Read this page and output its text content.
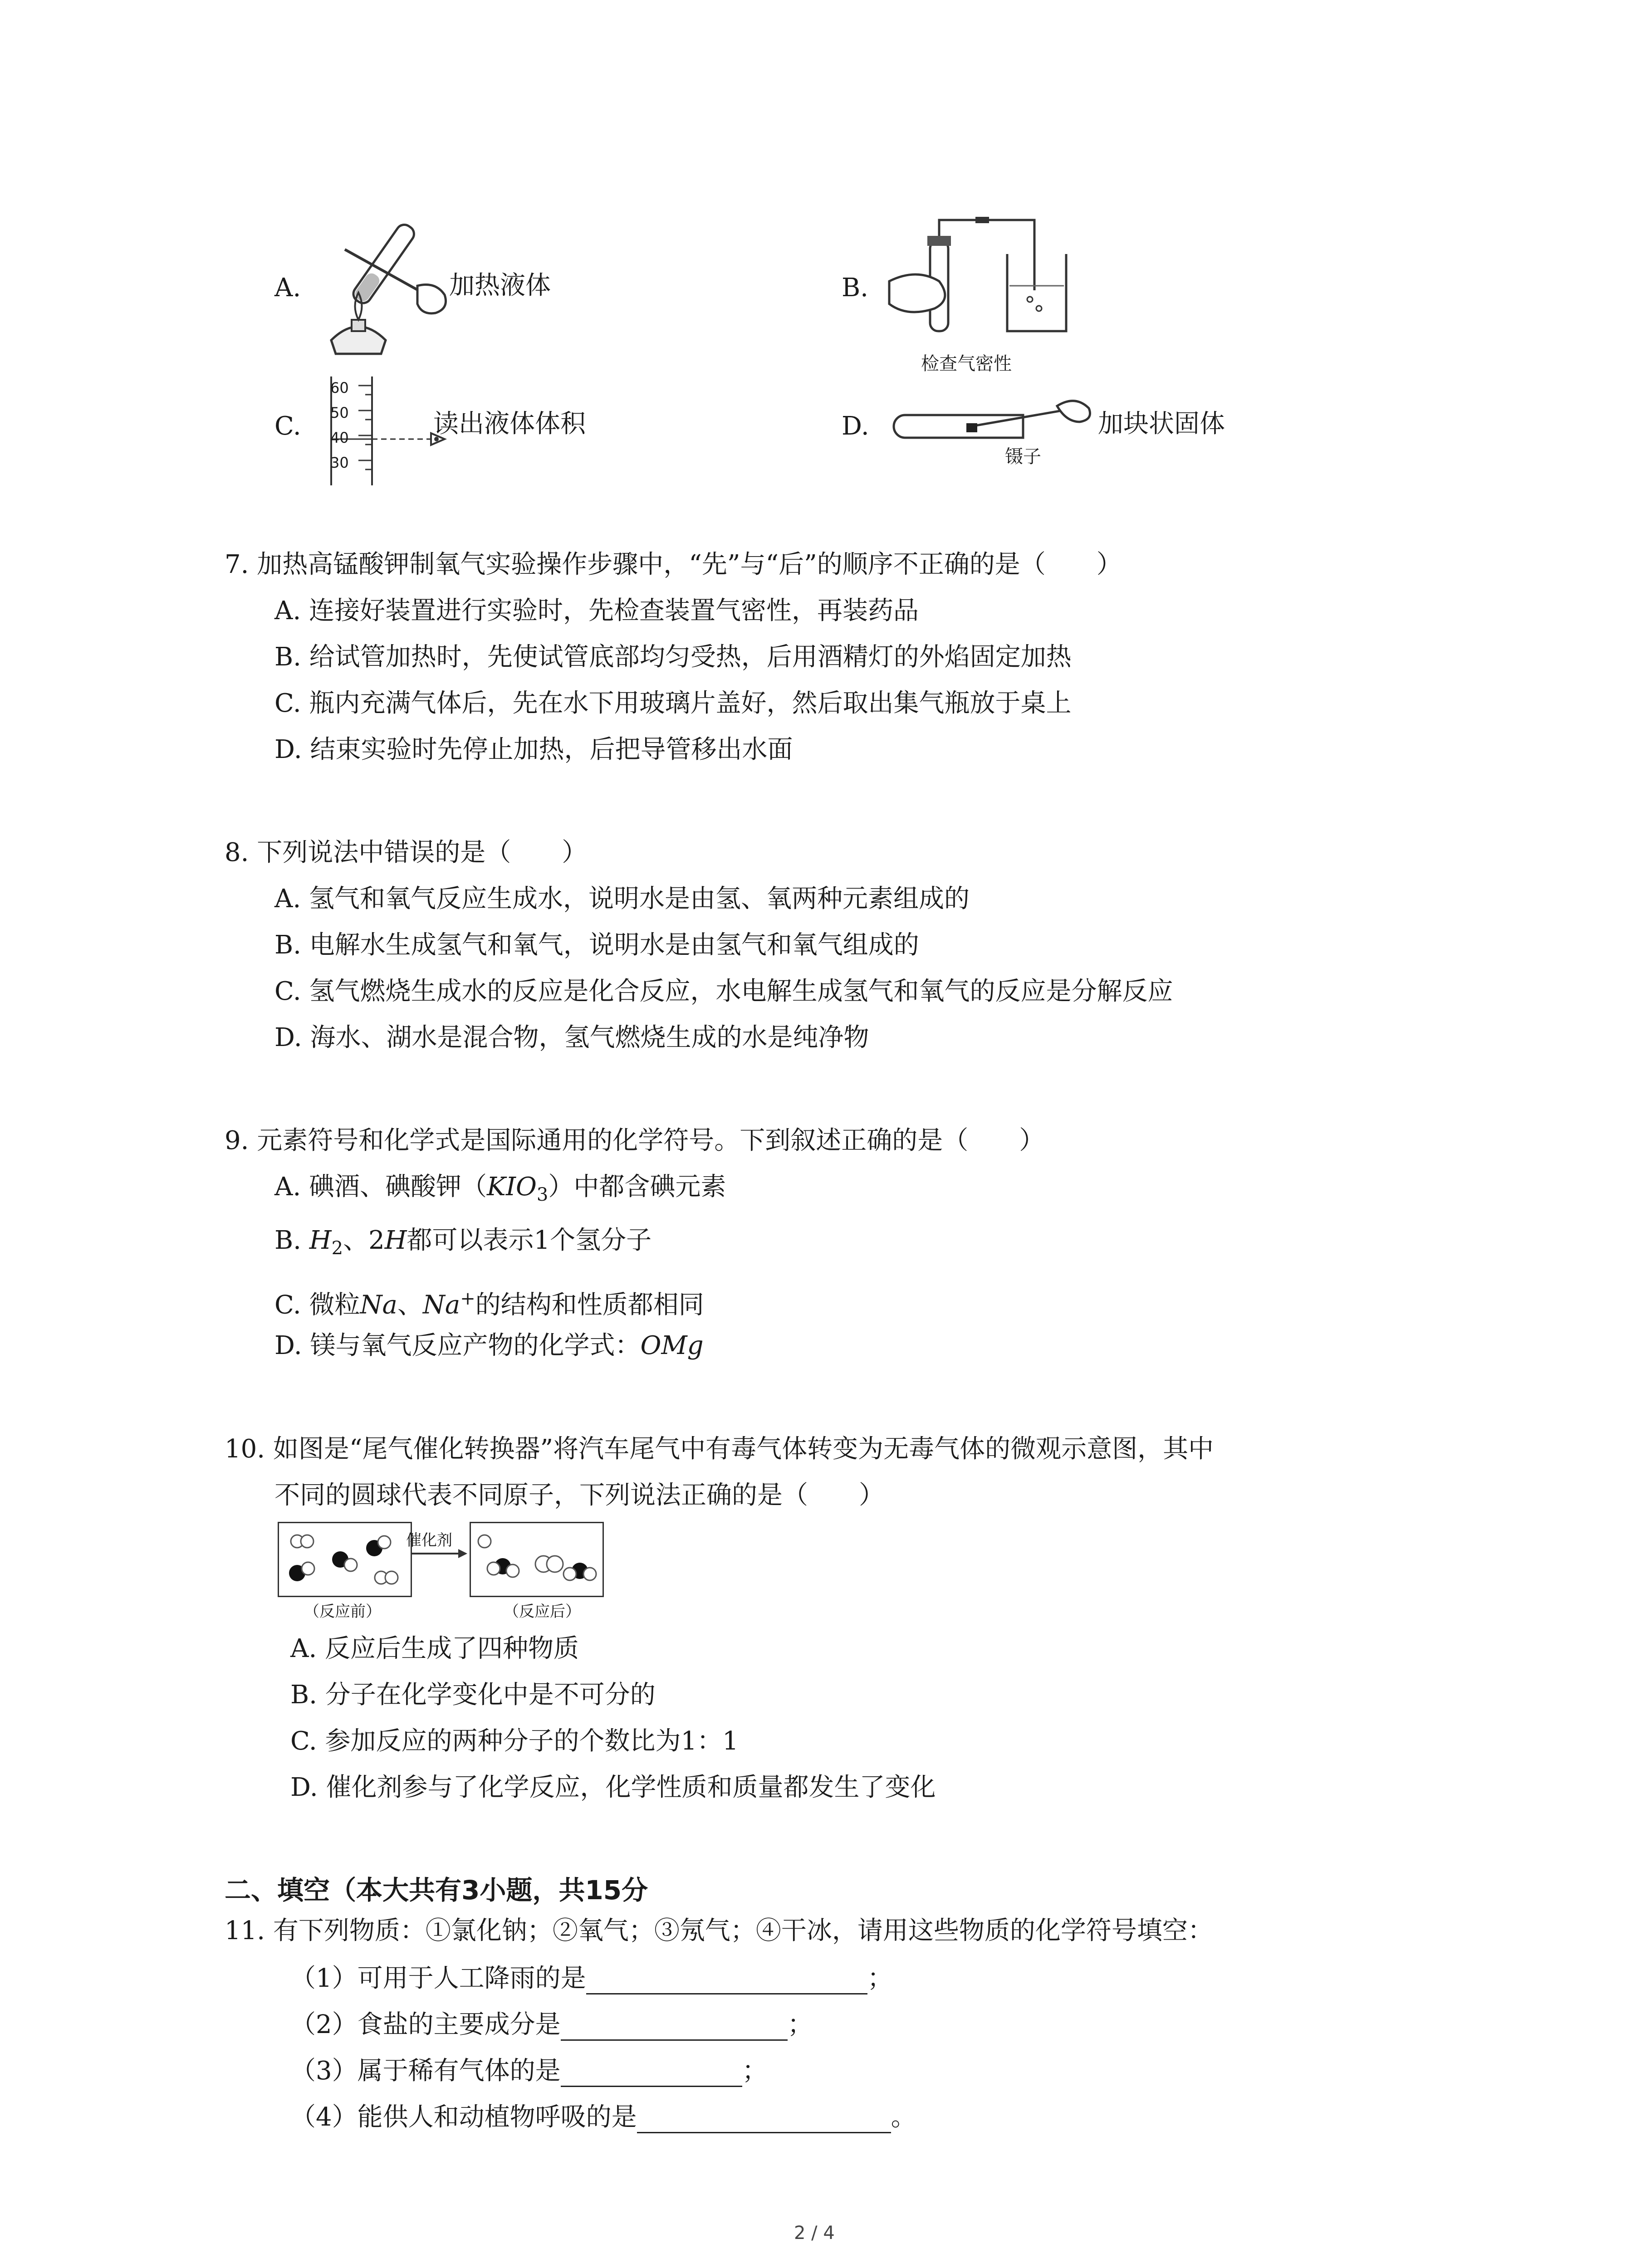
A.	加热液体	B.
检查气密性
C.
60
50
40
30
读出液体体积	D.
镊子
加块状固体
7. 加热高锰酸钾制氧气实验操作步骤中，“先”与“后”的顺序不正确的是（　　）
A. 连接好装置进行实验时，先检查装置气密性，再装药品
B. 给试管加热时，先使试管底部均匀受热，后用酒精灯的外焰固定加热
C. 瓶内充满气体后，先在水下用玻璃片盖好，然后取出集气瓶放于桌上
D. 结束实验时先停止加热，后把导管移出水面
8. 下列说法中错误的是（　　）
A. 氢气和氧气反应生成水，说明水是由氢、氧两种元素组成的
B. 电解水生成氢气和氧气，说明水是由氢气和氧气组成的
C. 氢气燃烧生成水的反应是化合反应，水电解生成氢气和氧气的反应是分解反应
D. 海水、湖水是混合物，氢气燃烧生成的水是纯净物
9. 元素符号和化学式是国际通用的化学符号。下到叙述正确的是（　　）
A. 碘酒、碘酸钾$(KIO_3)$中都含碘元素
B. $H_2$、2H都可以表示1个氢分子
C. 微粒Na、Na+的结构和性质都相同
D. 镁与氧气反应产物的化学式：OMg
10. 如图是“尾气催化转换器”将汽车尾气中有毒气体转变为无毒气体的微观示意图，其中
不同的圆球代表不同原子，下列说法正确的是（　　）
催化剂
（反应前）	（反应后）
A. 反应后生成了四种物质
B. 分子在化学变化中是不可分的
C. 参加反应的两种分子的个数比为1：1
D. 催化剂参与了化学反应，化学性质和质量都发生了变化
二、填空（本大共有3小题，共15分
11. 有下列物质：①氯化钠；②氧气；③氖气；④干冰，请用这些物质的化学符号填空：
（1）可用于人工降雨的是	；
（2）食盐的主要成分是	；
（3）属于稀有气体的是	；
（4）能供人和动植物呼吸的是	。
2 / 4
